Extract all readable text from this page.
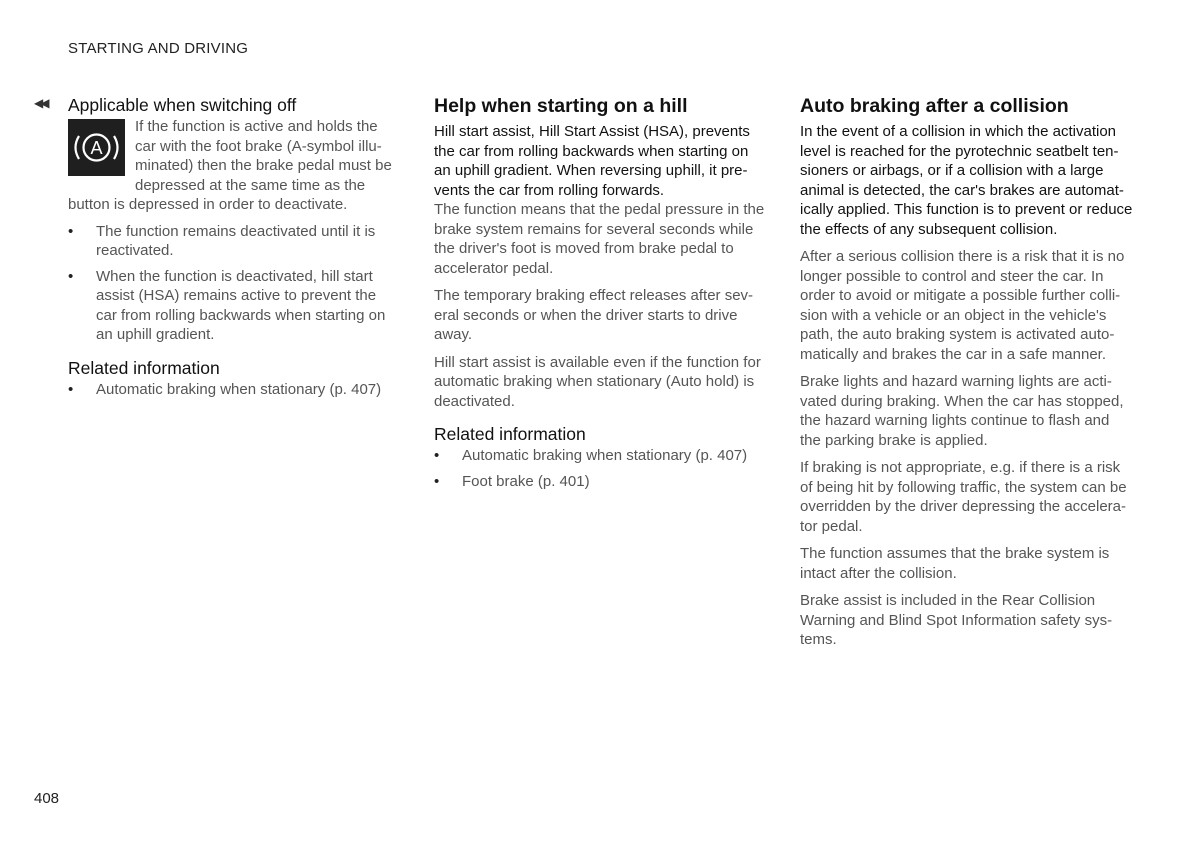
STARTING AND DRIVING
◀◀ Applicable when switching off
A

If the function is active and holds the car with the foot brake (A-symbol illuminated) then the brake pedal must be depressed at the same time as the button is depressed in order to deactivate.

• The function remains deactivated until it is reactivated.
• When the function is deactivated, hill start assist (HSA) remains active to prevent the car from rolling backwards when starting on an uphill gradient.
Related information
• Automatic braking when stationary (p. 407)
Help when starting on a hill

Hill start assist, Hill Start Assist (HSA), prevents the car from rolling backwards when starting on an uphill gradient. When reversing uphill, it prevents the car from rolling forwards.

The function means that the pedal pressure in the brake system remains for several seconds while the driver's foot is moved from brake pedal to accelerator pedal.

The temporary braking effect releases after several seconds or when the driver starts to drive away.

Hill start assist is available even if the function for automatic braking when stationary (Auto hold) is deactivated.

Related information
• Automatic braking when stationary (p. 407)
• Foot brake (p. 401)
Auto braking after a collision

In the event of a collision in which the activation level is reached for the pyrotechnic seatbelt tensioners or airbags, or if a collision with a large animal is detected, the car's brakes are automatically applied. This function is to prevent or reduce the effects of any subsequent collision.

After a serious collision there is a risk that it is no longer possible to control and steer the car. In order to avoid or mitigate a possible further collision with a vehicle or an object in the vehicle's path, the auto braking system is activated automatically and brakes the car in a safe manner.

Brake lights and hazard warning lights are activated during braking. When the car has stopped, the hazard warning lights continue to flash and the parking brake is applied.

If braking is not appropriate, e.g. if there is a risk of being hit by following traffic, the system can be overridden by the driver depressing the accelerator pedal.

The function assumes that the brake system is intact after the collision.

Brake assist is included in the Rear Collision Warning and Blind Spot Information safety systems.

408
